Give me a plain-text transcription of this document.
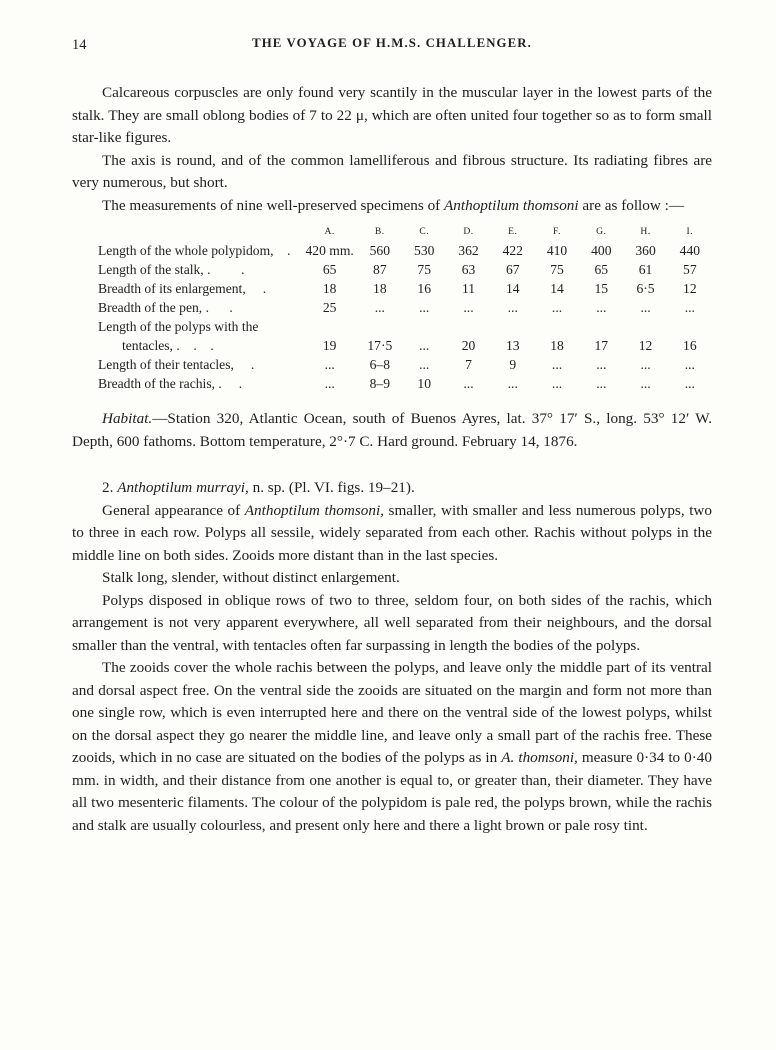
14	THE VOYAGE OF H.M.S. CHALLENGER.

Calcareous corpuscles are only found very scantily in the muscular layer in the lowest parts of the stalk. They are small oblong bodies of 7 to 22 μ, which are often united four together so as to form small star-like figures.

The axis is round, and of the common lamelliferous and fibrous structure. Its radiating fibres are very numerous, but short.

The measurements of nine well-preserved specimens of Anthoptilum thomsoni are as follow :—

	A.	B.	C.	D.	E.	F.	G.	H.	I.

Length of the whole polypidom,    .	420 mm.	560	530	362	422	410	400	360	440

Length of the stalk, .         .	65	87	75	63	67	75	65	61	57

Breadth of its enlargement,     .	18	18	16	11	14	14	15	6·5	12

Breadth of the pen, .      .	25	...	...	...	...	...	...	...	...

Length of the polyps with the
tentacles, .    .    .	19	17·5	...	20	13	18	17	12	16

Length of their tentacles,     .	...	6–8	...	7	9	...	...	...	...

Breadth of the rachis, .     .	...	8–9	10	...	...	...	...	...	...

Habitat.—Station 320, Atlantic Ocean, south of Buenos Ayres, lat. 37° 17′ S., long. 53° 12′ W. Depth, 600 fathoms. Bottom temperature, 2°·7 C. Hard ground. February 14, 1876.

2. Anthoptilum murrayi, n. sp. (Pl. VI. figs. 19–21).

General appearance of Anthoptilum thomsoni, smaller, with smaller and less numerous polyps, two to three in each row. Polyps all sessile, widely separated from each other. Rachis without polyps in the middle line on both sides. Zooids more distant than in the last species.

Stalk long, slender, without distinct enlargement.

Polyps disposed in oblique rows of two to three, seldom four, on both sides of the rachis, which arrangement is not very apparent everywhere, all well separated from their neighbours, and the dorsal smaller than the ventral, with tentacles often far surpassing in length the bodies of the polyps.

The zooids cover the whole rachis between the polyps, and leave only the middle part of its ventral and dorsal aspect free. On the ventral side the zooids are situated on the margin and form not more than one single row, which is even interrupted here and there on the ventral side of the lowest polyps, whilst on the dorsal aspect they go nearer the middle line, and leave only a small part of the rachis free. These zooids, which in no case are situated on the bodies of the polyps as in A. thomsoni, measure 0·34 to 0·40 mm. in width, and their distance from one another is equal to, or greater than, their diameter. They have all two mesenteric filaments. The colour of the polypidom is pale red, the polyps brown, while the rachis and stalk are usually colourless, and present only here and there a light brown or pale rosy tint.
